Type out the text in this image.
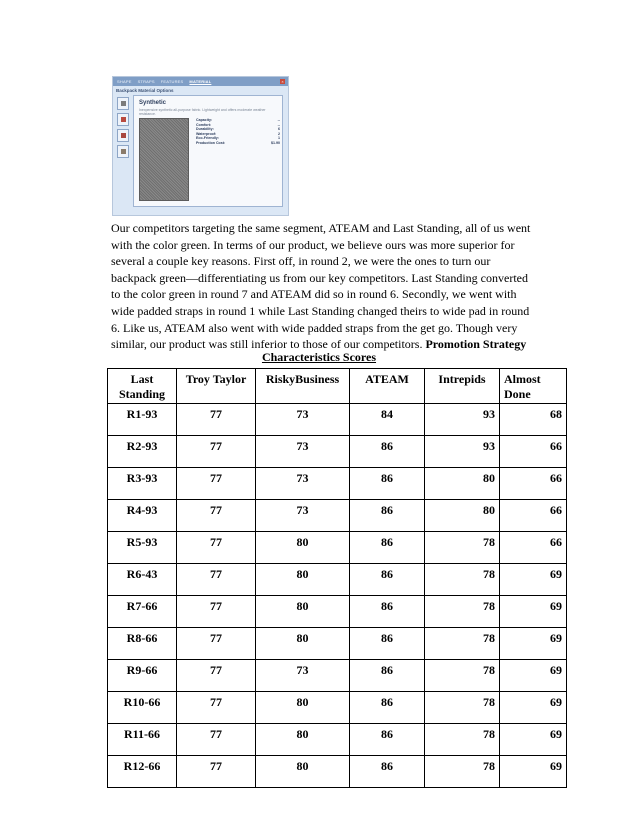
SHAPE STRAPS FEATURES MATERIAL	×
Backpack Material Options
Synthetic
Inexpensive synthetic all-purpose fabric. Lightweight and offers moderate weather resistance.
Capacity:	--
Comfort:	--
Durability:	6
Waterproof:	2
Eco-Friendly:	1
Production Cost:	$1.90
Our competitors targeting the same segment, ATEAM and Last Standing, all of us went with the color green. In terms of our product, we believe ours was more superior for several a couple key reasons. First off, in round 2, we were the ones to turn our backpack green—differentiating us from our key competitors. Last Standing converted to the color green in round 7 and ATEAM did so in round 6. Secondly, we went with wide padded straps in round 1 while Last Standing changed theirs to wide pad in round 6. Like us, ATEAM also went with wide padded straps from the get go. Though very similar, our product was still inferior to those of our competitors. Promotion Strategy
Characteristics Scores
Last Standing	Troy Taylor	RiskyBusiness	ATEAM	Intrepids	Almost Done
R1-93	77	73	84	93	68
R2-93	77	73	86	93	66
R3-93	77	73	86	80	66
R4-93	77	73	86	80	66
R5-93	77	80	86	78	66
R6-43	77	80	86	78	69
R7-66	77	80	86	78	69
R8-66	77	80	86	78	69
R9-66	77	73	86	78	69
R10-66	77	80	86	78	69
R11-66	77	80	86	78	69
R12-66	77	80	86	78	69
